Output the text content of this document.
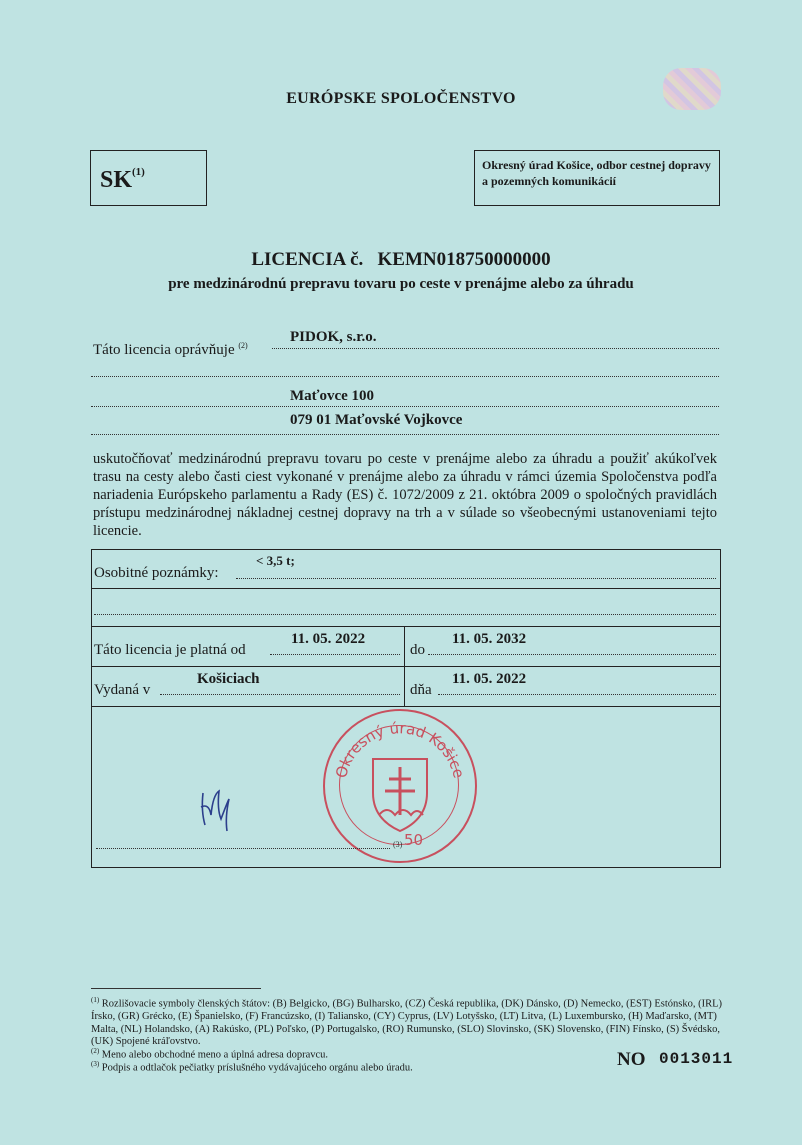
EURÓPSKE SPOLOČENSTVO
SK$^{(1)}$	Okresný úrad Košice, odbor cestnej dopravy a pozemných komunikácií
LICENCIA č. KEMN018750000000
pre medzinárodnú prepravu tovaru po ceste v prenájme alebo za úhradu
PIDOK, s.r.o.
Táto licencia oprávňuje $^{(2)}$
Maťovce 100
079 01 Maťovské Vojkovce
uskutočňovať medzinárodnú prepravu tovaru po ceste v prenájme alebo za úhradu a použiť akúkoľvek trasu na cesty alebo časti ciest vykonané v prenájme alebo za úhradu v rámci územia Spoločenstva podľa nariadenia Európskeho parlamentu a Rady (ES) č. 1072/2009 z 21. októbra 2009 o spoločných pravidlách prístupu medzinárodnej nákladnej cestnej dopravy na trh a v súlade so všeobecnými ustanoveniami tejto licencie.
< 3,5 t;
Osobitné poznámky:
11. 05. 2022
Táto licencia je platná od
11. 05. 2032
do
Košiciach
Vydaná v
11. 05. 2022
dňa
Okresný úrad Košice
(3) 50
$^{(1)}$ Rozlišovacie symboly členských štátov: (B) Belgicko, (BG) Bulharsko, (CZ) Česká republika, (DK) Dánsko, (D) Nemecko, (EST) Estónsko, (IRL) Írsko, (GR) Grécko, (E) Španielsko, (F) Francúzsko, (I) Taliansko, (CY) Cyprus, (LV) Lotyšsko, (LT) Litva, (L) Luxembursko, (H) Maďarsko, (MT) Malta, (NL) Holandsko, (A) Rakúsko, (PL) Poľsko, (P) Portugalsko, (RO) Rumunsko, (SLO) Slovinsko, (SK) Slovensko, (FIN) Fínsko, (S) Švédsko, (UK) Spojené kráľovstvo.
$^{(2)}$ Meno alebo obchodné meno a úplná adresa dopravcu.
$^{(3)}$ Podpis a odtlačok pečiatky príslušného vydávajúceho orgánu alebo úradu.	NO 0013011
